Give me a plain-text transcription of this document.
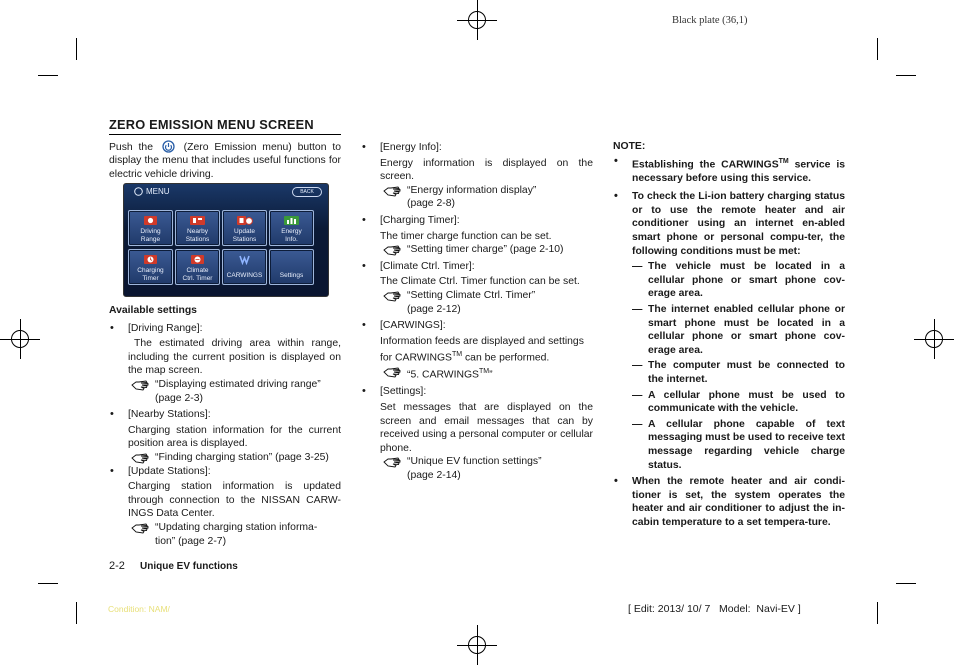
Black plate (36,1)
ZERO EMISSION MENU SCREEN

Push the	(Zero Emission menu) button to display the menu that includes useful functions for electric vehicle driving.

MENU	BACK
Driving
Range
Nearby
Stations
Update
Stations
Energy
Info.
Charging
Timer
Climate
Ctrl. Timer	CARWINGS	Settings

Available settings

• [Driving Range]:

The estimated driving area within range, including the current position is displayed on the map screen.

“Displaying estimated driving range”

(page 2-3)

• [Nearby Stations]:

Charging station information for the current position area is displayed.

“Finding charging station” (page 3-25)

• [Update Stations]:

Charging station information is updated through connection to the NISSAN CARW-INGS Data Center.

“Updating charging station informa-

tion” (page 2-7)

• [Energy Info]:

Energy information is displayed on the screen.

“Energy information display”

(page 2-8)

• [Charging Timer]:

The timer charge function can be set.

“Setting timer charge” (page 2-10)

• [Climate Ctrl. Timer]:

The Climate Ctrl. Timer function can be set.

“Setting Climate Ctrl. Timer”

(page 2-12)

• [CARWINGS]:

Information feeds are displayed and settings for CARWINGS™ can be performed.

“5. CARWINGS™”

• [Settings]:

Set messages that are displayed on the screen and email messages that can by received using a personal computer or cellular phone.

“Unique EV function settings”

(page 2-14)

NOTE:

• Establishing the CARWINGS™ service is necessary before using this service.

• To check the Li-ion battery charging status or to use the remote heater and air conditioner using an internet en-abled smart phone or personal compu-ter, the following conditions must be met:

— The vehicle must be located in a cellular phone or smart phone cov-erage area.

— The internet enabled cellular phone or smart phone must be located in a cellular phone or smart phone cov-erage area.

— The computer must be connected to the internet.

— A cellular phone must be used to communicate with the vehicle.

— A cellular phone capable of text messaging must be used to receive text message regarding vehicle charge status.

• When the remote heater and air condi-tioner is set, the system operates the heater and air conditioner to adjust the in-cabin temperature to a set tempera-ture.

2-2 Unique EV functions
Condition: NAM/	[ Edit: 2013/ 10/ 7   Model:  Navi-EV ]
